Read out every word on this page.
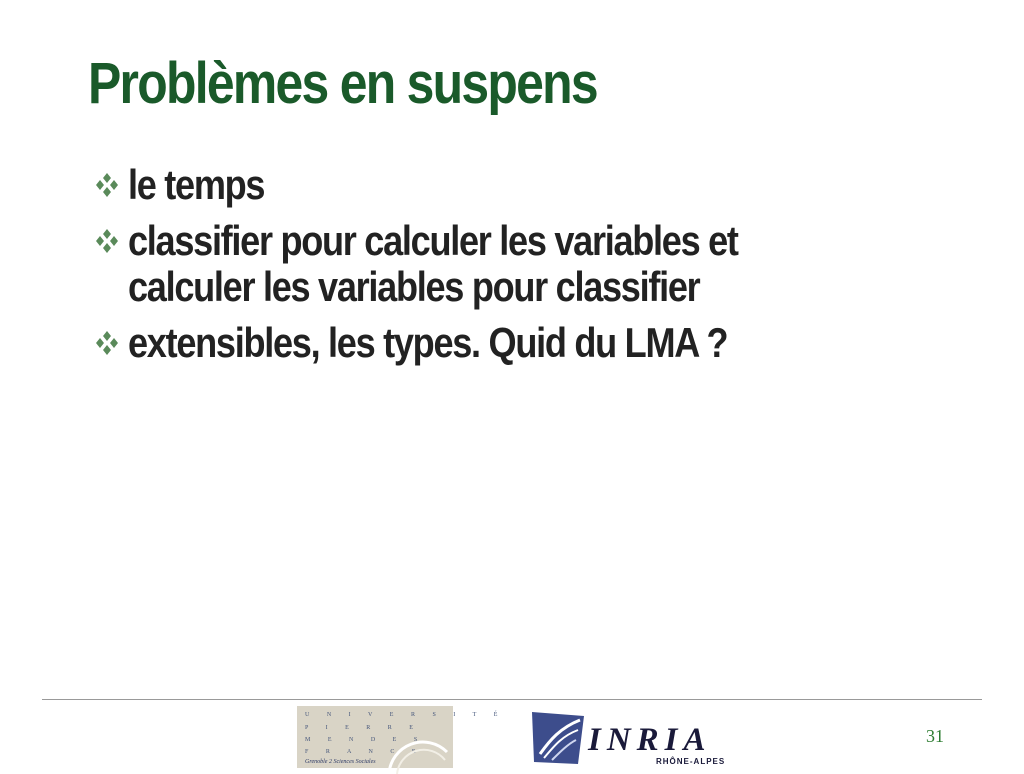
Problèmes en suspens
le temps
classifier pour calculer les variables et
calculer les variables pour classifier
extensibles, les types. Quid du LMA ?
U N I V E R S I T É
P I E R R E
M E N D E S
F R A N C E
Grenoble 2 Sciences Sociales
INRIA
RHÔNE-ALPES
31
